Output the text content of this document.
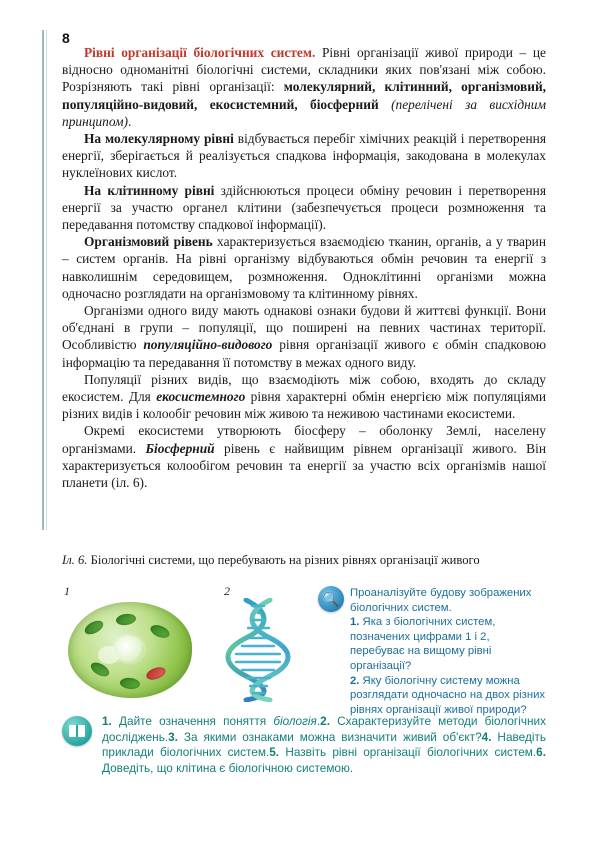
8

Рівні організації біологічних систем. Рівні організації живої природи – це відносно одноманітні біологічні системи, складники яких пов'язані між собою. Розрізняють такі рівні організації: молекулярний, клітинний, організмовий, популяційно-видовий, екосистемний, біосферний (перелічені за висхідним принципом).

На молекулярному рівні відбувається перебіг хімічних реакцій і перетворення енергії, зберігається й реалізується спадкова інформація, закодована в молекулах нуклеїнових кислот.

На клітинному рівні здійснюються процеси обміну речовин і перетворення енергії за участю органел клітини (забезпечується процеси розмноження та передавання потомству спадкової інформації).

Організмовий рівень характеризується взаємодією тканин, органів, а у тварин – систем органів. На рівні організму відбуваються обмін речовин та енергії з навколишнім середовищем, розмноження. Одноклітинні організми можна одночасно розглядати на організмовому та клітинному рівнях.

Організми одного виду мають однакові ознаки будови й життєві функції. Вони об'єднані в групи – популяції, що поширені на певних частинах території. Особливістю популяційно-видового рівня організації живого є обмін спадковою інформацію та передавання її потомству в межах одного виду.

Популяції різних видів, що взаємодіють між собою, входять до складу екосистем. Для екосистемного рівня характерні обмін енергією між популяціями різних видів і колообіг речовин між живою та неживою частинами екосистеми.

Окремі екосистеми утворюють біосферу – оболонку Землі, населену організмами. Біосферний рівень є найвищим рівнем організації живого. Він характеризується колообігом речовин та енергії за участю всіх організмів нашої планети (іл. 6).

Іл. 6. Біологічні системи, що перебувають на різних рівнях організації живого
1	2	🔍 Проаналізуйте будову зображених біологічних систем.

1. Яка з біологічних систем, позначених цифрами 1 і 2, перебуває на вищому рівні організації?

2. Яку біологічну систему можна розглядати одночасно на двох різних рівнях організації живої природи?

1. Дайте означення поняття біологія.2. Схарактеризуйте методи біологічних досліджень.3. За якими ознаками можна визначити живий об'єкт?4. Наведіть приклади біологічних систем.5. Назвіть рівні організації біологічних систем.6. Доведіть, що клітина є біологічною системою.
